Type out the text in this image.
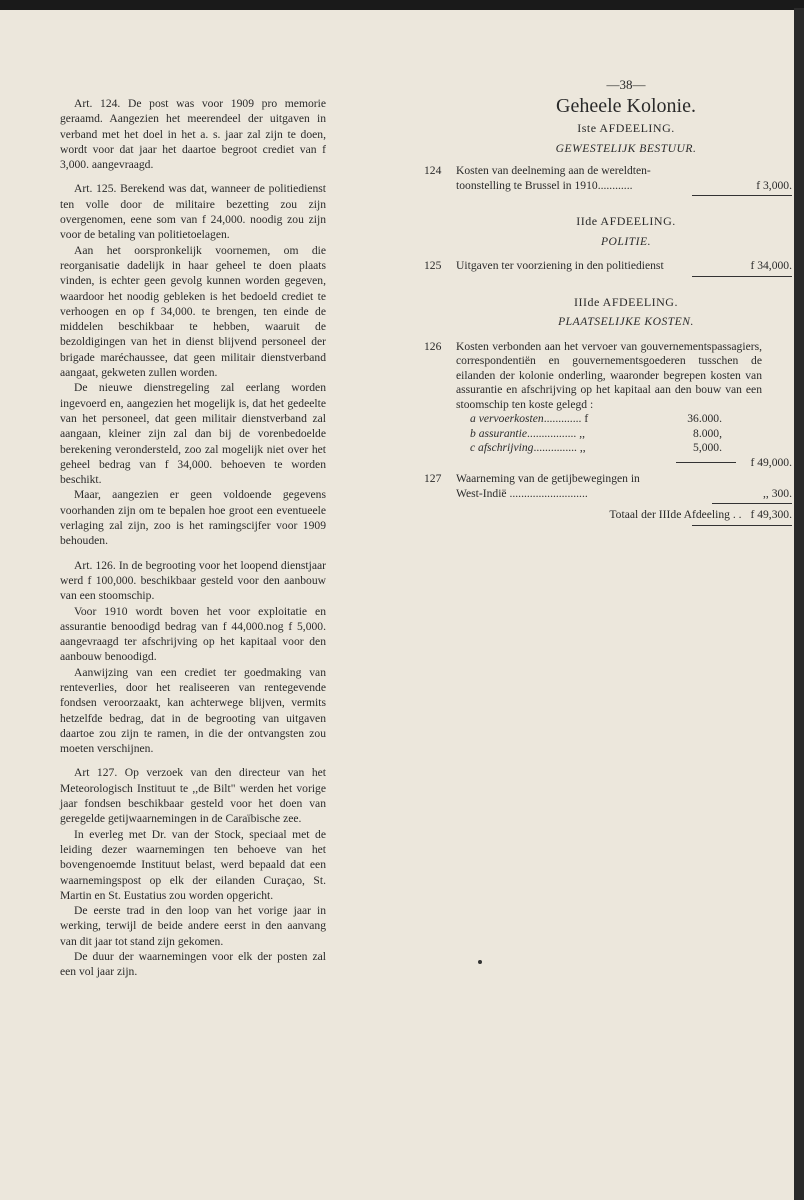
Art. 124. De post was voor 1909 pro memorie geraamd. Aangezien het meerendeel der uitgaven in verband met het doel in het a. s. jaar zal zijn te doen, wordt voor dat jaar het daartoe begroot crediet van f 3,000. aangevraagd.

Art. 125. Berekend was dat, wanneer de politiedienst ten volle door de militaire bezetting zou zijn overgenomen, eene som van f 24,000. noodig zou zijn voor de betaling van politietoelagen.

Aan het oorspronkelijk voornemen, om die reorganisatie dadelijk in haar geheel te doen plaats vinden, is echter geen gevolg kunnen worden gegeven, waardoor het noodig gebleken is het bedoeld crediet te verhoogen en op f 34,000. te brengen, ten einde de middelen beschikbaar te hebben, waaruit de bezoldigingen van het in dienst blijvend personeel der brigade maréchaussee, dat geen militair dienstverband aangaat, gekweten zullen worden.

De nieuwe dienstregeling zal eerlang worden ingevoerd en, aangezien het mogelijk is, dat het gedeelte van het personeel, dat geen militair dienstverband zal aangaan, kleiner zijn zal dan bij de vorenbedoelde berekening verondersteld, zoo zal mogelijk niet over het geheel bedrag van f 34,000. behoeven te worden beschikt.

Maar, aangezien er geen voldoende gegevens voorhanden zijn om te bepalen hoe groot een eventueele verlaging zal zijn, zoo is het ramingscijfer voor 1909 behouden.

Art. 126. In de begrooting voor het loopend dienstjaar werd f 100,000. beschikbaar gesteld voor den aanbouw van een stoomschip.

Voor 1910 wordt boven het voor exploitatie en assurantie benoodigd bedrag van f 44,000.nog f 5,000. aangevraagd ter afschrijving op het kapitaal voor den aanbouw benoodigd.

Aanwijzing van een crediet ter goedmaking van renteverlies, door het realiseeren van rentegevende fondsen veroorzaakt, kan achterwege blijven, vermits hetzelfde bedrag, dat in de begrooting van uitgaven daartoe zou zijn te ramen, in die der ontvangsten zou moeten verschijnen.

Art 127. Op verzoek van den directeur van het Meteorologisch Instituut te ,,de Bilt" werden het vorige jaar fondsen beschikbaar gesteld voor het doen van geregelde getijwaarnemingen in de Caraïbische zee.

In everleg met Dr. van der Stock, speciaal met de leiding dezer waarnemingen ten behoeve van het bovengenoemde Instituut belast, werd bepaald dat een waarnemingspost op elk der eilanden Curaçao, St. Martin en St. Eustatius zou worden opgericht.

De eerste trad in den loop van het vorige jaar in werking, terwijl de beide andere eerst in den aanvang van dit jaar tot stand zijn gekomen.

De duur der waarnemingen voor elk der posten zal een vol jaar zijn.

—38—
Geheele Kolonie.
Iste AFDEELING.
GEWESTELIJK BESTUUR.
124 Kosten van deelneming aan de wereldten-
toonstelling te Brussel in 1910............	f 3,000.
IIde AFDEELING.
POLITIE.
125 Uitgaven ter voorziening in den politiedienst	f 34,000.
IIIde AFDEELING.
PLAATSELIJKE KOSTEN.
126 Kosten verbonden aan het vervoer van gouvernementspassagiers, correspondentiën en gouvernementsgoederen tusschen de eilanden der kolonie onderling, waaronder begrepen kosten van assurantie en afschrijving op het kapitaal aan den bouw van een stoomschip ten koste gelegd :
a vervoerkosten............. f	36.000.
b assurantie................. ,,	8.000,
c afschrijving............... ,,	5,000.
f 49,000.
127 Waarneming van de getijbewegingen in
West-Indië ...........................	,, 300.
Totaal der IIIde Afdeeling . . f 49,300.
